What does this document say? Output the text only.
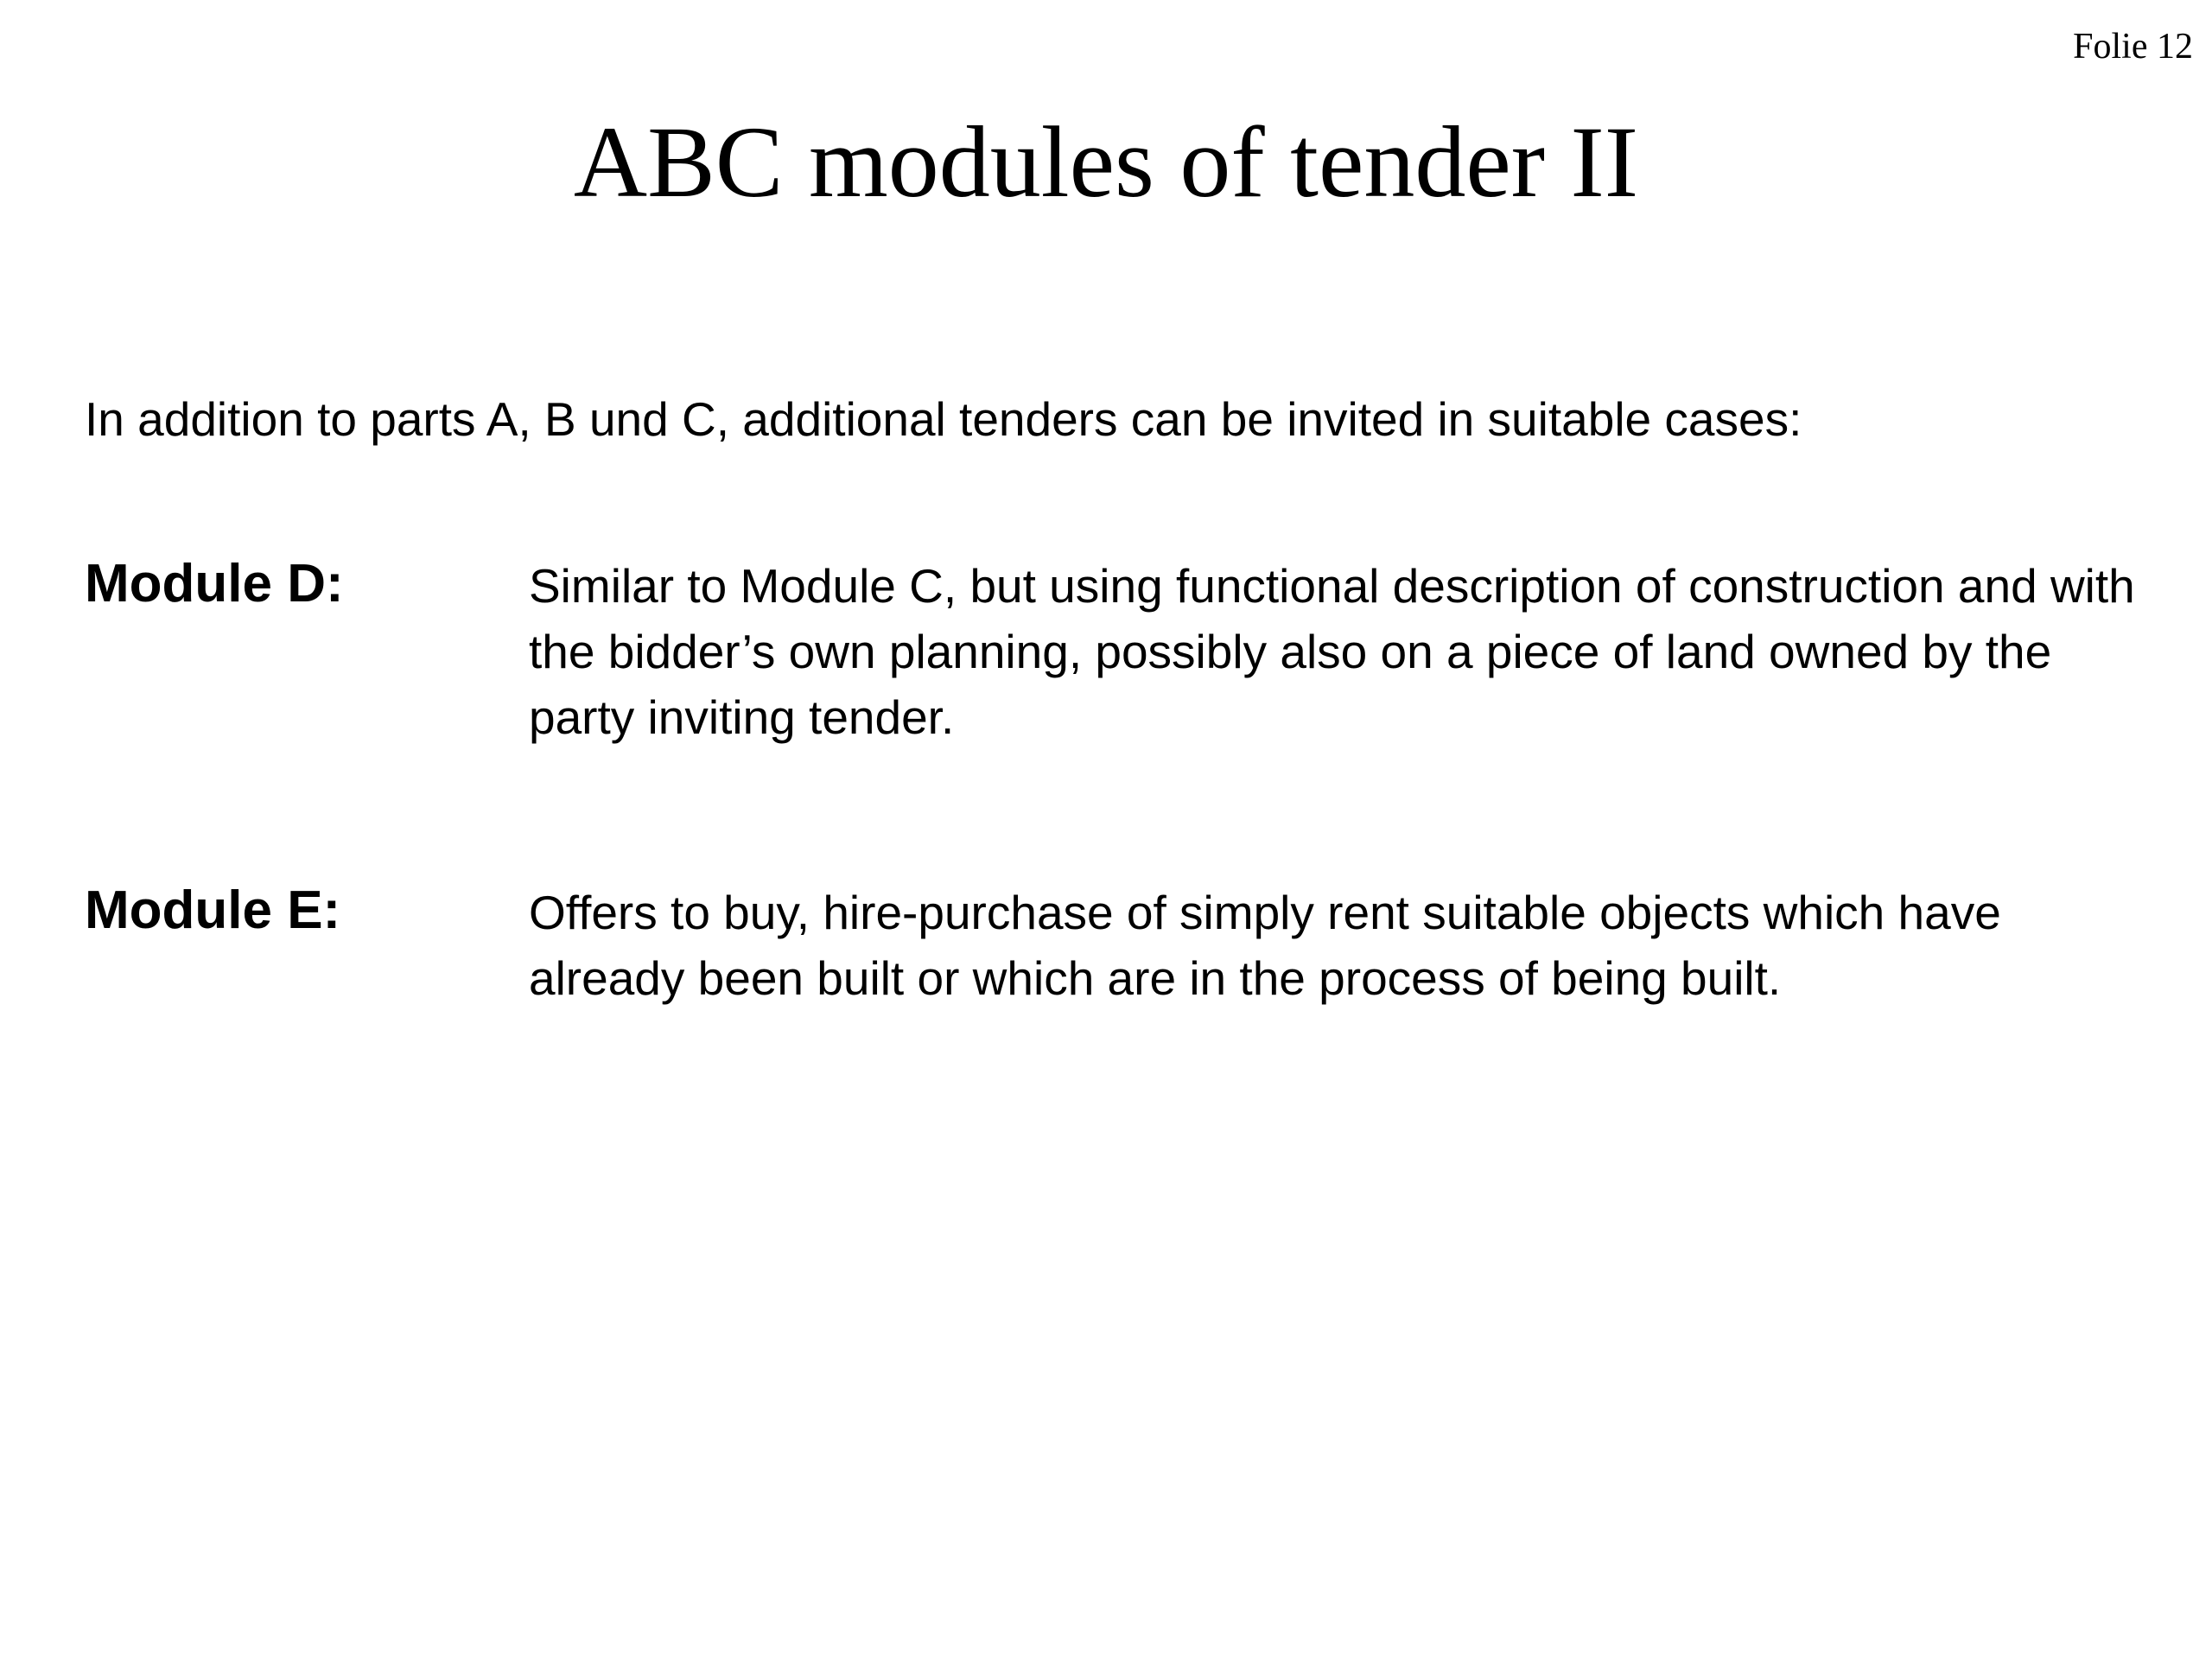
Folie 12
ABC modules of tender II

In addition to parts A, B und C, additional tenders can be invited in suitable cases:

Module D:	Similar to Module C, but using functional description of construction and with the bidder’s own planning, possibly also on a piece of land owned by the party inviting tender.

Module E:	Offers to buy, hire-purchase of simply rent suitable objects which have already been built or which are in the process of being built.
